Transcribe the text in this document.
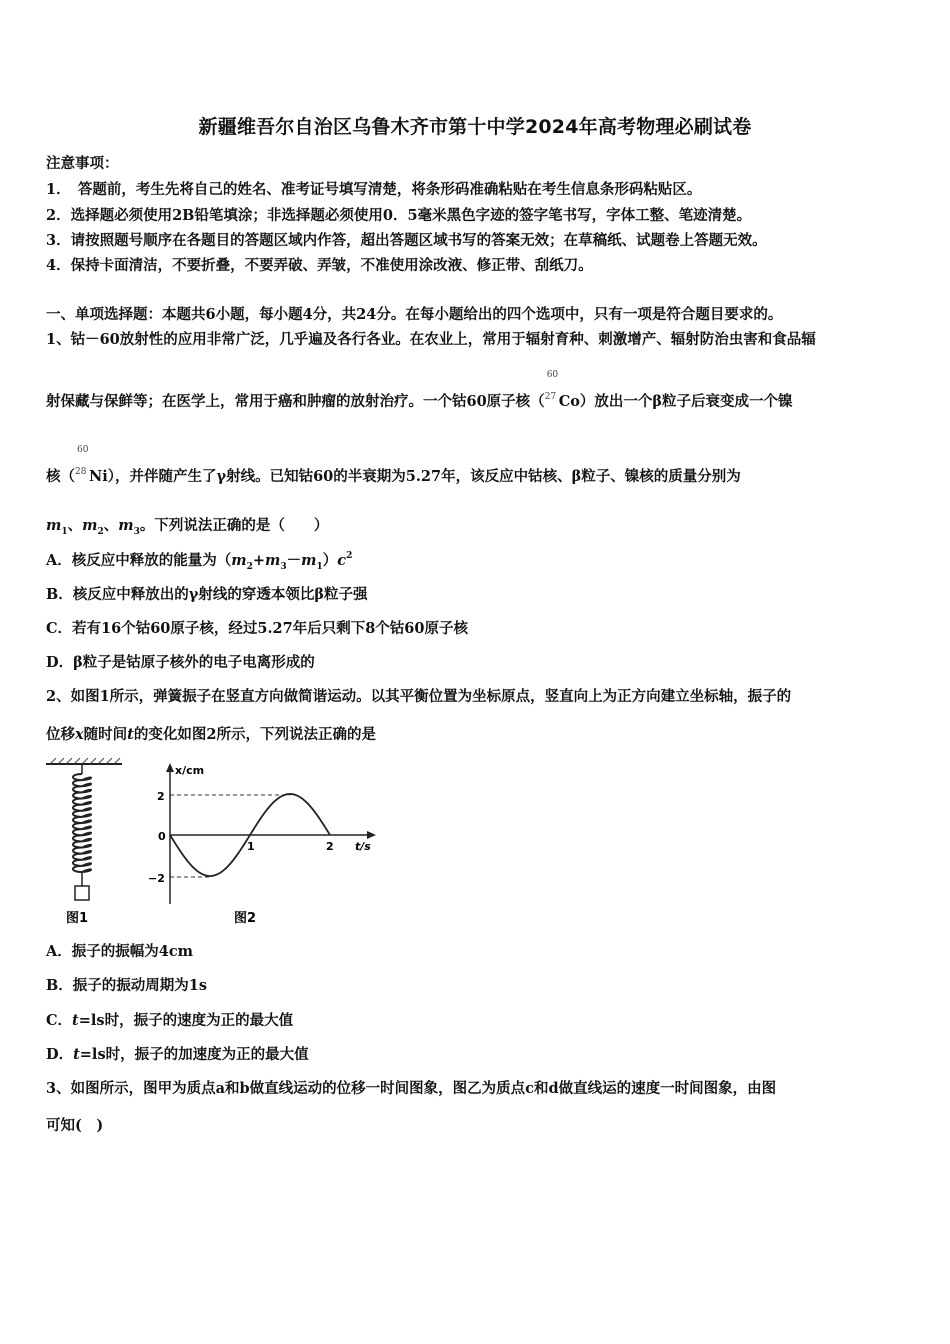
新疆维吾尔自治区乌鲁木齐市第十中学2024年高考物理必刷试卷
注意事项：
1．　答题前，考生先将自己的姓名、准考证号填写清楚，将条形码准确粘贴在考生信息条形码粘贴区。
2．选择题必须使用2B铅笔填涂；非选择题必须使用0．5毫米黑色字迹的签字笔书写，字体工整、笔迹清楚。
3．请按照题号顺序在各题目的答题区域内作答，超出答题区域书写的答案无效；在草稿纸、试题卷上答题无效。
4．保持卡面清洁，不要折叠，不要弄破、弄皱，不准使用涂改液、修正带、刮纸刀。
一、单项选择题：本题共6小题，每小题4分，共24分。在每小题给出的四个选项中，只有一项是符合题目要求的。
1、钴－60放射性的应用非常广泛，几乎遍及各行各业。在农业上，常用于辐射育种、刺激增产、辐射防治虫害和食品辐
射保藏与保鲜等；在医学上，常用于癌和肿瘤的放射治疗。一个钴60原子核（
60
27 Co）放出一个β粒子后衰变成一个镍
核（
60
28 Ni），并伴随产生了γ射线。已知钴60的半衰期为5.27年，该反应中钴核、β粒子、镍核的质量分别为
$m_1$、$m_2$、$m_3$。下列说法正确的是（　　）
A．核反应中释放的能量为$(m_2+m_3-m_1)c^2$
B．核反应中释放出的γ射线的穿透本领比β粒子强
C．若有16个钴60原子核，经过5.27年后只剩下8个钴60原子核
D．β粒子是钴原子核外的电子电离形成的
2、如图1所示，弹簧振子在竖直方向做简谐运动。以其平衡位置为坐标原点，竖直向上为正方向建立坐标轴，振子的
位移x随时间t的变化如图2所示，下列说法正确的是
图1
x/cm
t/s
2
0
−2
1	2
图2
A．振子的振幅为4cm
B．振子的振动周期为1s
C．t=ls时，振子的速度为正的最大值
D．t=ls时，振子的加速度为正的最大值
3、如图所示，图甲为质点a和b做直线运动的位移一时间图象，图乙为质点c和d做直线运的速度一时间图象，由图
可知(　)
